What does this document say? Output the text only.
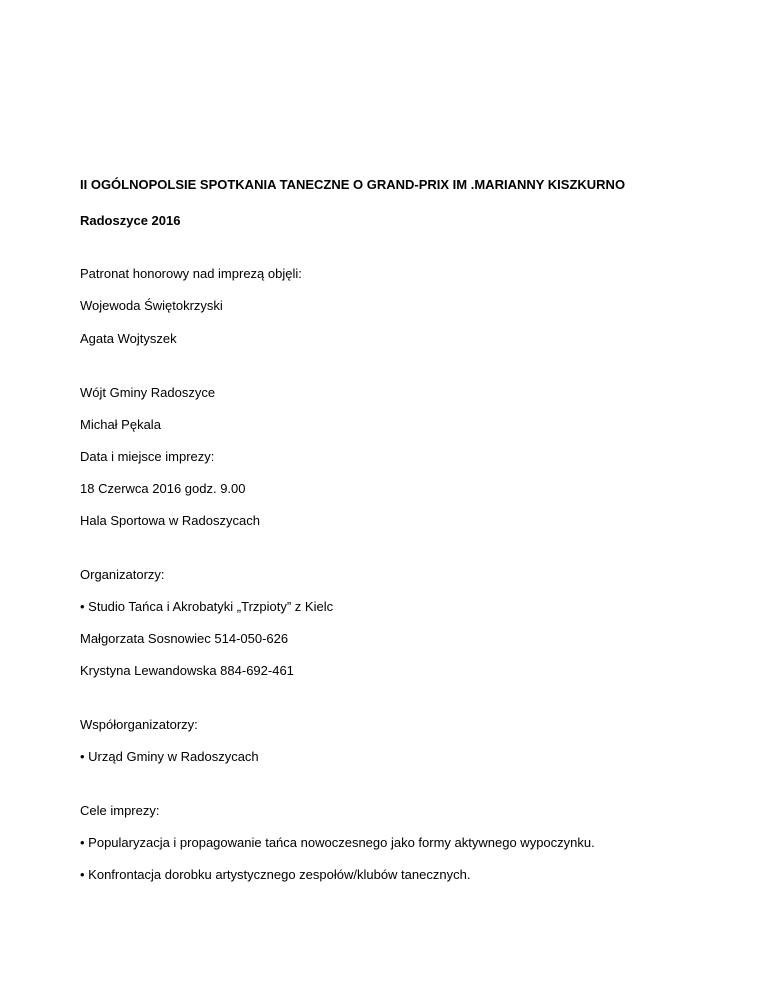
II OGÓLNOPOLSIE SPOTKANIA TANECZNE O GRAND-PRIX IM .MARIANNY KISZKURNO
Radoszyce 2016
Patronat honorowy nad imprezą objęli:
Wojewoda Świętokrzyski
Agata Wojtyszek
Wójt Gminy Radoszyce
Michał Pękala
Data i miejsce imprezy:
18 Czerwca 2016 godz. 9.00
Hala Sportowa w Radoszycach
Organizatorzy:
• Studio Tańca i Akrobatyki „Trzpioty” z Kielc
Małgorzata Sosnowiec 514-050-626
Krystyna Lewandowska 884-692-461
Współorganizatorzy:
• Urząd Gminy w Radoszycach
Cele imprezy:
• Popularyzacja i propagowanie tańca nowoczesnego jako formy aktywnego wypoczynku.
• Konfrontacja dorobku artystycznego zespołów/klubów tanecznych.
